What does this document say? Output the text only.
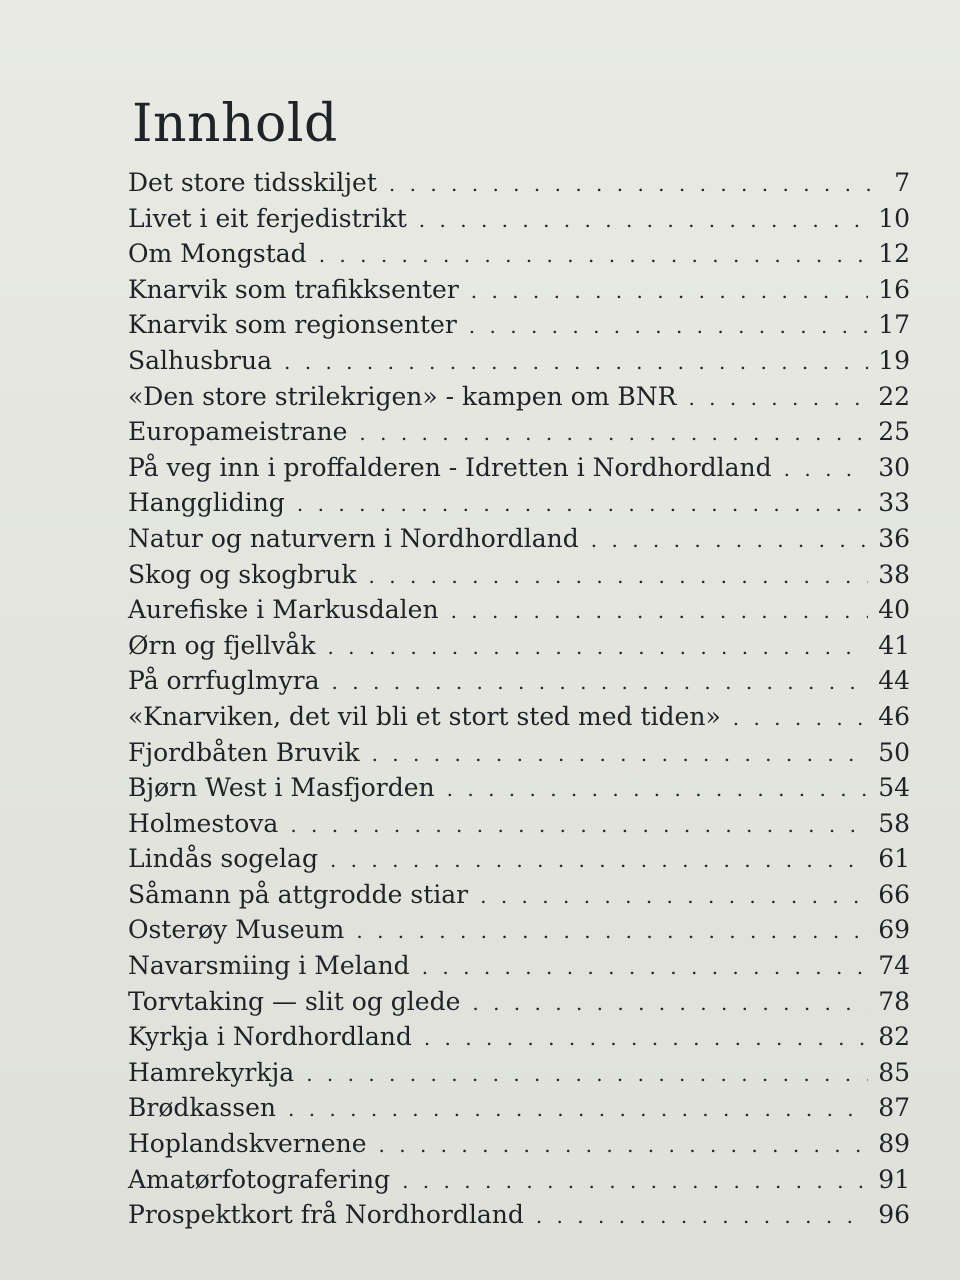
Innhold
Det store tidsskiljet . . .	7
Livet i eit ferjedistrikt . . .	10
Om Mongstad . . .	12
Knarvik som trafikksenter . . .	16
Knarvik som regionsenter . . .	17
Salhusbrua . . .	19
«Den store strilekrigen» - kampen om BNR . . .	22
Europameistrane . . .	25
På veg inn i proffalderen - Idretten i Nordhordland . . .	30
Hanggliding . . .	33
Natur og naturvern i Nordhordland . . .	36
Skog og skogbruk . . .	38
Aurefiske i Markusdalen . . .	40
Ørn og fjellvåk . . .	41
På orrfuglmyra . . .	44
«Knarviken, det vil bli et stort sted med tiden» . . .	46
Fjordbåten Bruvik . . .	50
Bjørn West i Masfjorden . . .	54
Holmestova . . .	58
Lindås sogelag . . .	61
Såmann på attgrodde stiar . . .	66
Osterøy Museum . . .	69
Navarsmiing i Meland . . .	74
Torvtaking — slit og glede . . .	78
Kyrkja i Nordhordland . . .	82
Hamrekyrkja . . .	85
Brødkassen . . .	87
Hoplandskvernene . . .	89
Amatørfotografering . . .	91
Prospektkort frå Nordhordland . . .	96
